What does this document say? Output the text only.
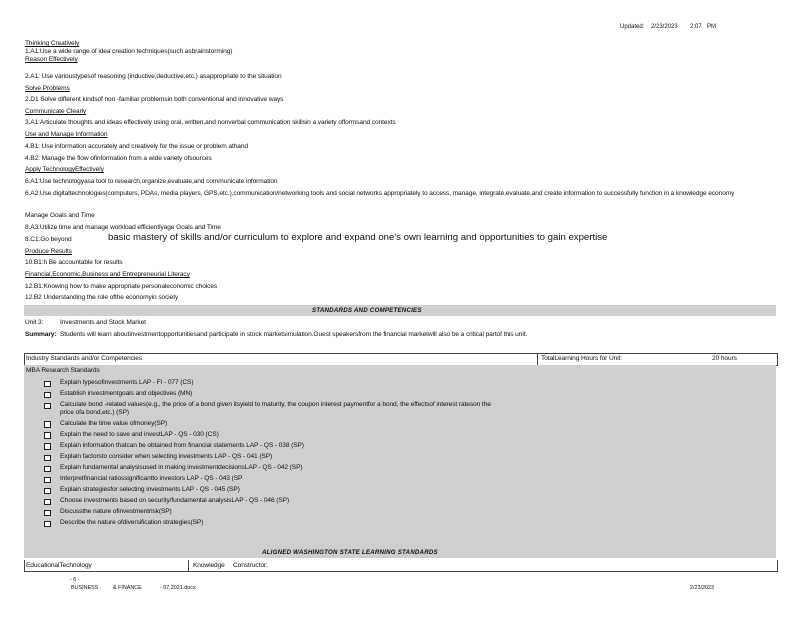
Updated: 2/23/2023 2:07 PM
Thinking Creatively
1.A1:Use a wide range of idea creation techniques(such asbrainstorming)
Reason Effectively
2.A1: Use varioustypesof reasoning (inductive,deductive,etc.) asappropriate to the situation
Solve Problems
2.D1 Solve different kindsof non -familiar problemsin both conventional and innovative ways
Communicate Clearly
3.A1:Articulate thoughts and ideas effectively using oral, written,and nonverbal communication skillsin a variety offormsand contexts
Use and Manage Information
4.B1: Use information accurately and creatively for the issue or problem athand
4.B2: Manage the flow ofinformation from a wide variety ofsources
Apply TechnologyEffectively
6.A1:Use technologyasa tool to research,organize,evaluate,and communicate information
6.A2:Use digitaltechnologies(computers, PDAs, media players, GPS,etc.),communication/networking tools and social networks appropriately to access, manage, integrate,evaluate,and create information to successfully function in a knowledge economy
Manage Goals and Time
8.A3:Utilize time and manage workload efficientlyage Goals and Time
8.C1:Go beyond	basic mastery of skills and/or curriculum to explore and expand one's own learning and opportunities to gain expertise
Produce Results
10.B1:h Be accountable for results
Financial,Economic,Business and Entrepreneurial Literacy
12.B1:Knowing how to make appropriate personaleconomic choices
12.B2 Understanding the role ofthe economyin society
STANDARDS AND COMPETENCIES
Unit 3:	Investments and Stock Market
Summary: Students will learn aboutinvestmentopportunitiesand participate in stock marketsimulation.Guest speakersfrom the financial marketwill also be a critical partof this unit.
Industry Standards and/or Competencies	TotalLearning Hours for Unit:	20 hours
MBA Research Standards
Explain typesofinvestments LAP - FI - 077 (CS)
Establish investmentgoals and objectives (MN)
Calculate bond -related values(e.g., the price of a bond given itsyield to maturity, the coupon interest paymentfor a bond, the effectsof interest rateson the
price ofa bond,etc.) (SP)
Calculate the time value ofmoney(SP)
Explain the need to save and investLAP - QS - 030 (CS)
Explain information thatcan be obtained from financial statements LAP - QS - 038 (SP)
Explain factorsto consider when selecting investments LAP - QS - 041 (SP)
Explain fundamental analysisused in making investmentdecisionsLAP - QS - 042 (SP)
Interpretfinancial ratiossignificantto investors LAP - QS - 043 (SP
Explain strategiesfor selecting investments LAP - QS - 045 (SP)
Choose investments based on security/fundamental analysisLAP - QS - 046 (SP)
Discussthe nature ofinvestmentrisk(SP)
Describe the nature ofdiversification strategies(SP)
ALIGNED WASHINGTON STATE LEARNING STANDARDS
EducationalTechnology	Knowledge Constructor:
- 6 -
BUSINESS	& FINANCE	- 07.2021.docx	2/23/2023
